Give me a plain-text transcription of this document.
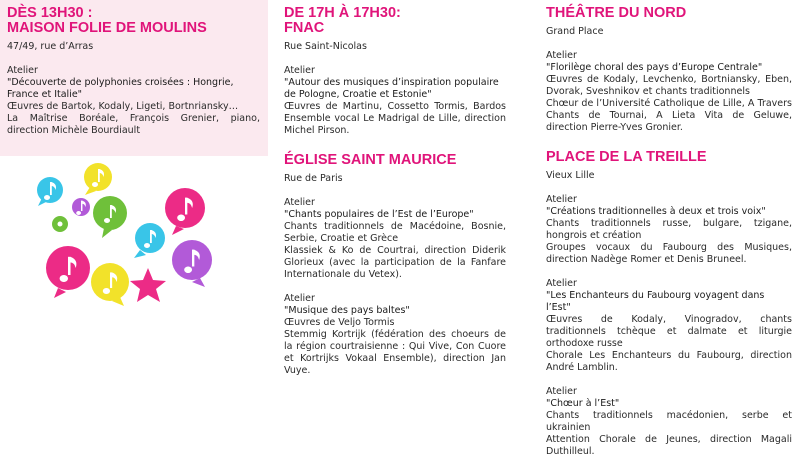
DÈS 13H30 :
MAISON FOLIE DE MOULINS
47/49, rue d’Arras
Atelier
"Découverte de polyphonies croisées : Hongrie, France et Italie"
Œuvres de Bartok, Kodaly, Ligeti, Bortnriansky…
La Maîtrise Boréale, François Grenier, piano, direction Michèle Bourdiault
DE 17H À 17H30:
FNAC
Rue Saint-Nicolas
Atelier
"Autour des musiques d’inspiration populaire de Pologne, Croatie et Estonie"
Œuvres de Martinu, Cossetto Tormis, Bardos Ensemble vocal Le Madrigal de Lille, direction Michel Pirson.
ÉGLISE SAINT MAURICE
Rue de Paris
Atelier
"Chants populaires de l’Est de l’Europe"
Chants traditionnels de Macédoine, Bosnie, Serbie, Croatie et Grèce
Klassiek & Ko de Courtrai, direction Diderik Glorieux (avec la participation de la Fanfare Internationale du Vetex).
Atelier
"Musique des pays baltes"
Œuvres de Veljo Tormis
Stemmig Kortrijk (fédération des choeurs de la région courtraisienne : Qui Vive, Con Cuore et Kortrijks Vokaal Ensemble), direction Jan Vuye.
THÉÂTRE DU NORD
Grand Place
Atelier
"Florilège choral des pays d’Europe Centrale"
Œuvres de Kodaly, Levchenko, Bortniansky, Eben, Dvorak, Sveshnikov et chants traditionnels
Chœur de l’Université Catholique de Lille, A Travers Chants de Tournai, A Lieta Vita de Geluwe, direction Pierre-Yves Gronier.
PLACE DE LA TREILLE
Vieux Lille
Atelier
"Créations traditionnelles à deux et trois voix"
Chants traditionnels russe, bulgare, tzigane, hongrois et création
Groupes vocaux du Faubourg des Musiques, direction Nadège Romer et Denis Bruneel.
Atelier
"Les Enchanteurs du Faubourg voyagent dans l’Est"
Œuvres de Kodaly, Vinogradov, chants traditionnels tchèque et dalmate et liturgie orthodoxe russe
Chorale Les Enchanteurs du Faubourg, direction André Lamblin.
Atelier
"Chœur à l’Est"
Chants traditionnels macédonien, serbe et ukrainien
Attention Chorale de Jeunes, direction Magali Duthilleul.
